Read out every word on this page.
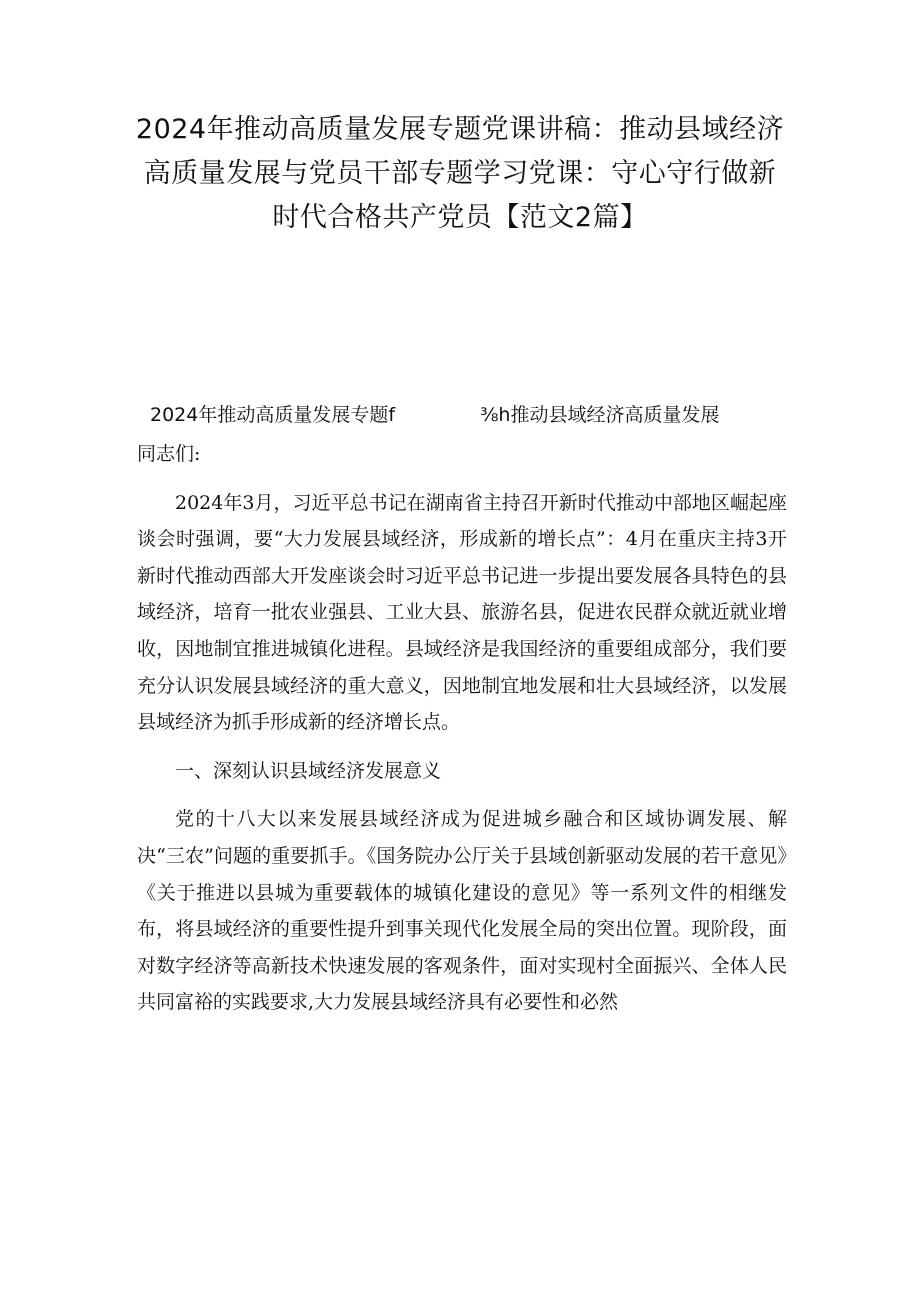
2024年推动高质量发展专题党课讲稿：推动县域经济
高质量发展与党员干部专题学习党课：守心守行做新
时代合格共产党员【范文2篇】
2024年推动高质量发展专题f	⅜h推动县域经济高质量发展

同志们:

2024年3月，习近平总书记在湖南省主持召开新时代推动中部地区崛起座谈会时强调，要“大力发展县域经济，形成新的增长点”：4月在重庆主持3开新时代推动西部大开发座谈会时习近平总书记进一步提出要发展各具特色的县域经济，培育一批农业强县、工业大县、旅游名县，促进农民群众就近就业增收，因地制宜推进城镇化进程。县域经济是我国经济的重要组成部分，我们要充分认识发展县域经济的重大意义，因地制宜地发展和壮大县域经济，以发展县域经济为抓手形成新的经济增长点。

一、深刻认识县域经济发展意义

党的十八大以来发展县域经济成为促进城乡融合和区域协调发展、解决“三农”问题的重要抓手。《国务院办公厅关于县域创新驱动发展的若干意见》《关于推进以县城为重要载体的城镇化建设的意见》等一系列文件的相继发布，将县域经济的重要性提升到事关现代化发展全局的突出位置。现阶段，面对数字经济等高新技术快速发展的客观条件，面对实现村全面振兴、全体人民共同富裕的实践要求,大力发展县域经济具有必要性和必然
